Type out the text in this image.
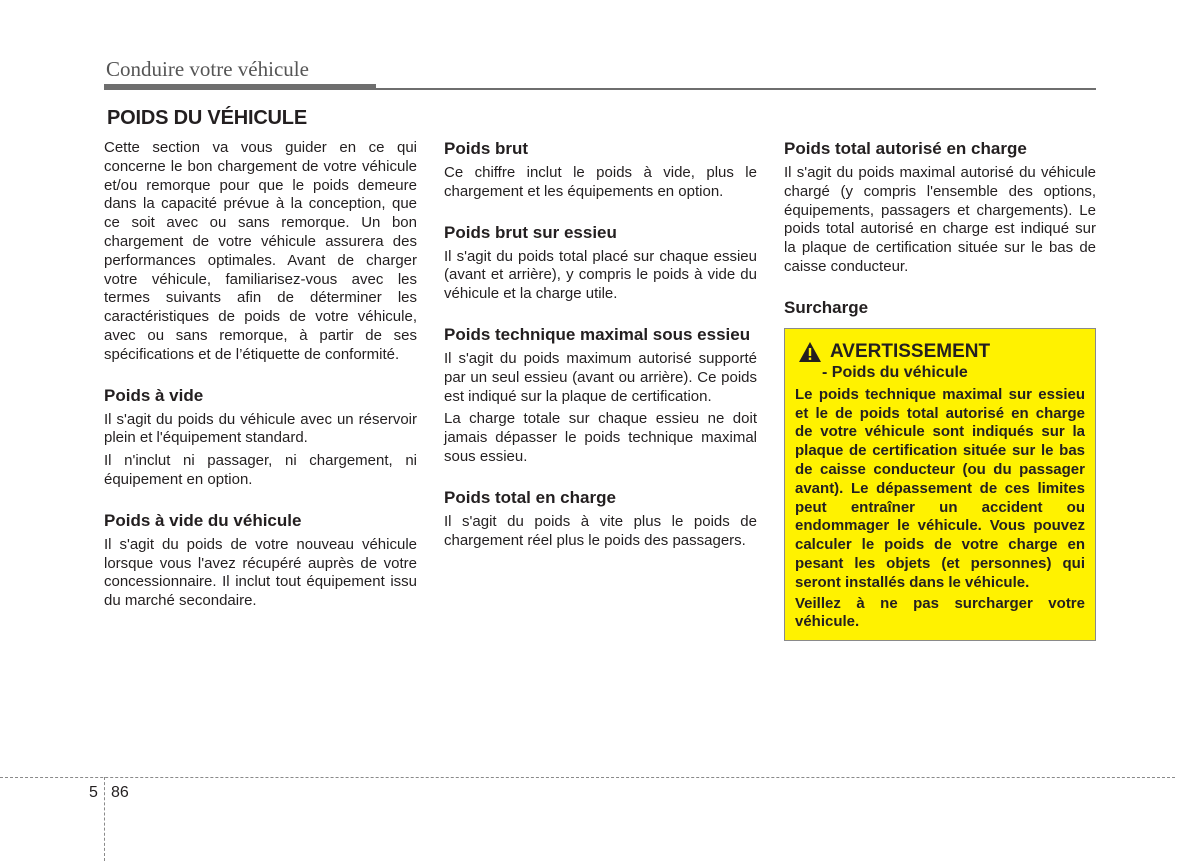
Conduire votre véhicule
POIDS DU VÉHICULE

Cette section va vous guider en ce qui concerne le bon chargement de votre véhicule et/ou remorque pour que le poids demeure dans la capacité prévue à la conception, que ce soit avec ou sans remorque. Un bon chargement de votre véhicule assurera des performances optimales. Avant de charger votre véhicule, familiarisez-vous avec les termes suivants afin de déterminer les caractéristiques de poids de votre véhicule, avec ou sans remorque, à partir de ses spécifications et de l’étiquette de conformité.

Poids à vide

Il s'agit du poids du véhicule avec un réservoir plein et l'équipement standard.

Il n'inclut ni passager, ni chargement, ni équipement en option.

Poids à vide du véhicule

Il s'agit du poids de votre nouveau véhicule lorsque vous l'avez récupéré auprès de votre concessionnaire. Il inclut tout équipement issu du marché secondaire.

Poids brut

Ce chiffre inclut le poids à vide, plus le chargement et les équipements en option.

Poids brut sur essieu

Il s'agit du poids total placé sur chaque essieu (avant et arrière), y compris le poids à vide du véhicule et la charge utile.

Poids technique maximal sous essieu

Il s'agit du poids maximum autorisé supporté par un seul essieu (avant ou arrière). Ce poids est indiqué sur la plaque de certification.

La charge totale sur chaque essieu ne doit jamais dépasser le poids technique maximal sous essieu.

Poids total en charge

Il s'agit du poids à vite plus le poids de chargement réel plus le poids des passagers.

Poids total autorisé en charge

Il s'agit du poids maximal autorisé du véhicule chargé (y compris l'ensemble des options, équipements, passagers et chargements). Le poids total autorisé en charge est indiqué sur la plaque de certification située sur le bas de caisse conducteur.

Surcharge
AVERTISSEMENT
- Poids du véhicule

Le poids technique maximal sur essieu et le de poids total autorisé en charge de votre véhicule sont indiqués sur la plaque de certification située sur le bas de caisse conducteur (ou du passager avant). Le dépassement de ces limites peut entraîner un accident ou endommager le véhicule. Vous pouvez calculer le poids de votre charge en pesant les objets (et personnes) qui seront installés dans le véhicule.

Veillez à ne pas surcharger votre véhicule.

5 86
